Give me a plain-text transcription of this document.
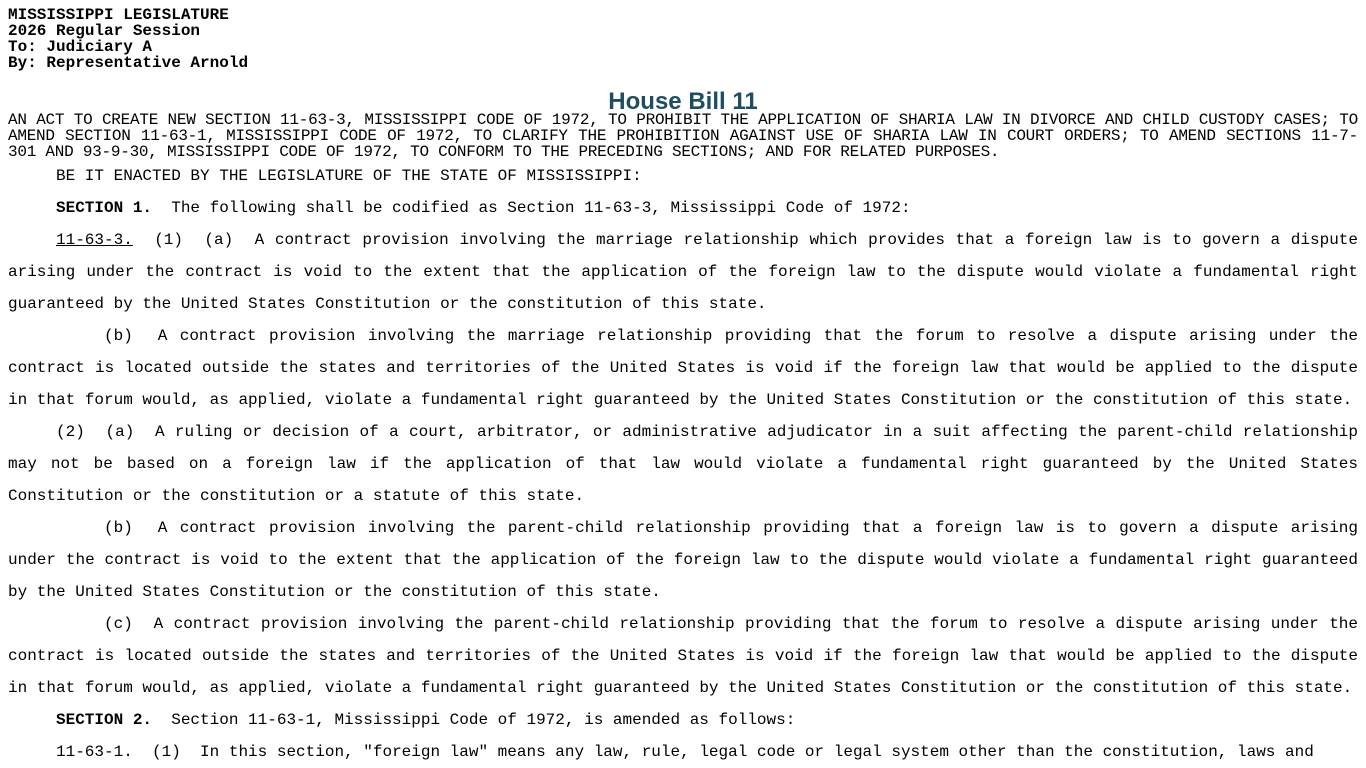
MISSISSIPPI LEGISLATURE
2026 Regular Session
To: Judiciary A
By: Representative Arnold
House Bill 11

AN ACT TO CREATE NEW SECTION 11-63-3, MISSISSIPPI CODE OF 1972, TO PROHIBIT THE APPLICATION OF SHARIA LAW IN DIVORCE AND CHILD CUSTODY CASES; TO AMEND SECTION 11-63-1, MISSISSIPPI CODE OF 1972, TO CLARIFY THE PROHIBITION AGAINST USE OF SHARIA LAW IN COURT ORDERS; TO AMEND SECTIONS 11-7-301 AND 93-9-30, MISSISSIPPI CODE OF 1972, TO CONFORM TO THE PRECEDING SECTIONS; AND FOR RELATED PURPOSES.

BE IT ENACTED BY THE LEGISLATURE OF THE STATE OF MISSISSIPPI:

SECTION 1. The following shall be codified as Section 11-63-3, Mississippi Code of 1972:

11-63-3. (1) (a) A contract provision involving the marriage relationship which provides that a foreign law is to govern a dispute arising under the contract is void to the extent that the application of the foreign law to the dispute would violate a fundamental right guaranteed by the United States Constitution or the constitution of this state.

(b) A contract provision involving the marriage relationship providing that the forum to resolve a dispute arising under the contract is located outside the states and territories of the United States is void if the foreign law that would be applied to the dispute in that forum would, as applied, violate a fundamental right guaranteed by the United States Constitution or the constitution of this state.

(2) (a) A ruling or decision of a court, arbitrator, or administrative adjudicator in a suit affecting the parent-child relationship may not be based on a foreign law if the application of that law would violate a fundamental right guaranteed by the United States Constitution or the constitution or a statute of this state.

(b) A contract provision involving the parent-child relationship providing that a foreign law is to govern a dispute arising under the contract is void to the extent that the application of the foreign law to the dispute would violate a fundamental right guaranteed by the United States Constitution or the constitution of this state.

(c) A contract provision involving the parent-child relationship providing that the forum to resolve a dispute arising under the contract is located outside the states and territories of the United States is void if the foreign law that would be applied to the dispute in that forum would, as applied, violate a fundamental right guaranteed by the United States Constitution or the constitution of this state.

SECTION 2. Section 11-63-1, Mississippi Code of 1972, is amended as follows:

11-63-1. (1) In this section, "foreign law" means any law, rule, legal code or legal system other than the constitution, laws and
